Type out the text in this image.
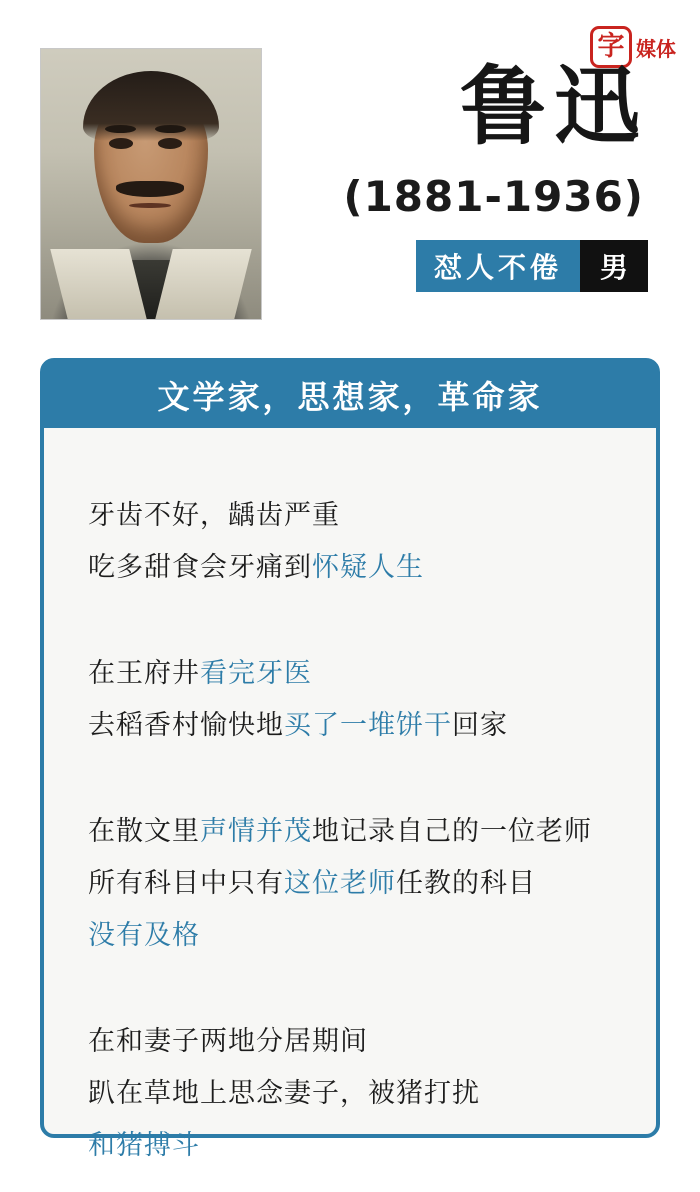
字 媒体
鲁迅
(1881-1936)
怼人不倦	男
文学家，思想家，革命家
牙齿不好，龋齿严重
吃多甜食会牙痛到怀疑人生
在王府井看完牙医
去稻香村愉快地买了一堆饼干回家
在散文里声情并茂地记录自己的一位老师
所有科目中只有这位老师任教的科目
没有及格
在和妻子两地分居期间
趴在草地上思念妻子，被猪打扰
和猪搏斗
